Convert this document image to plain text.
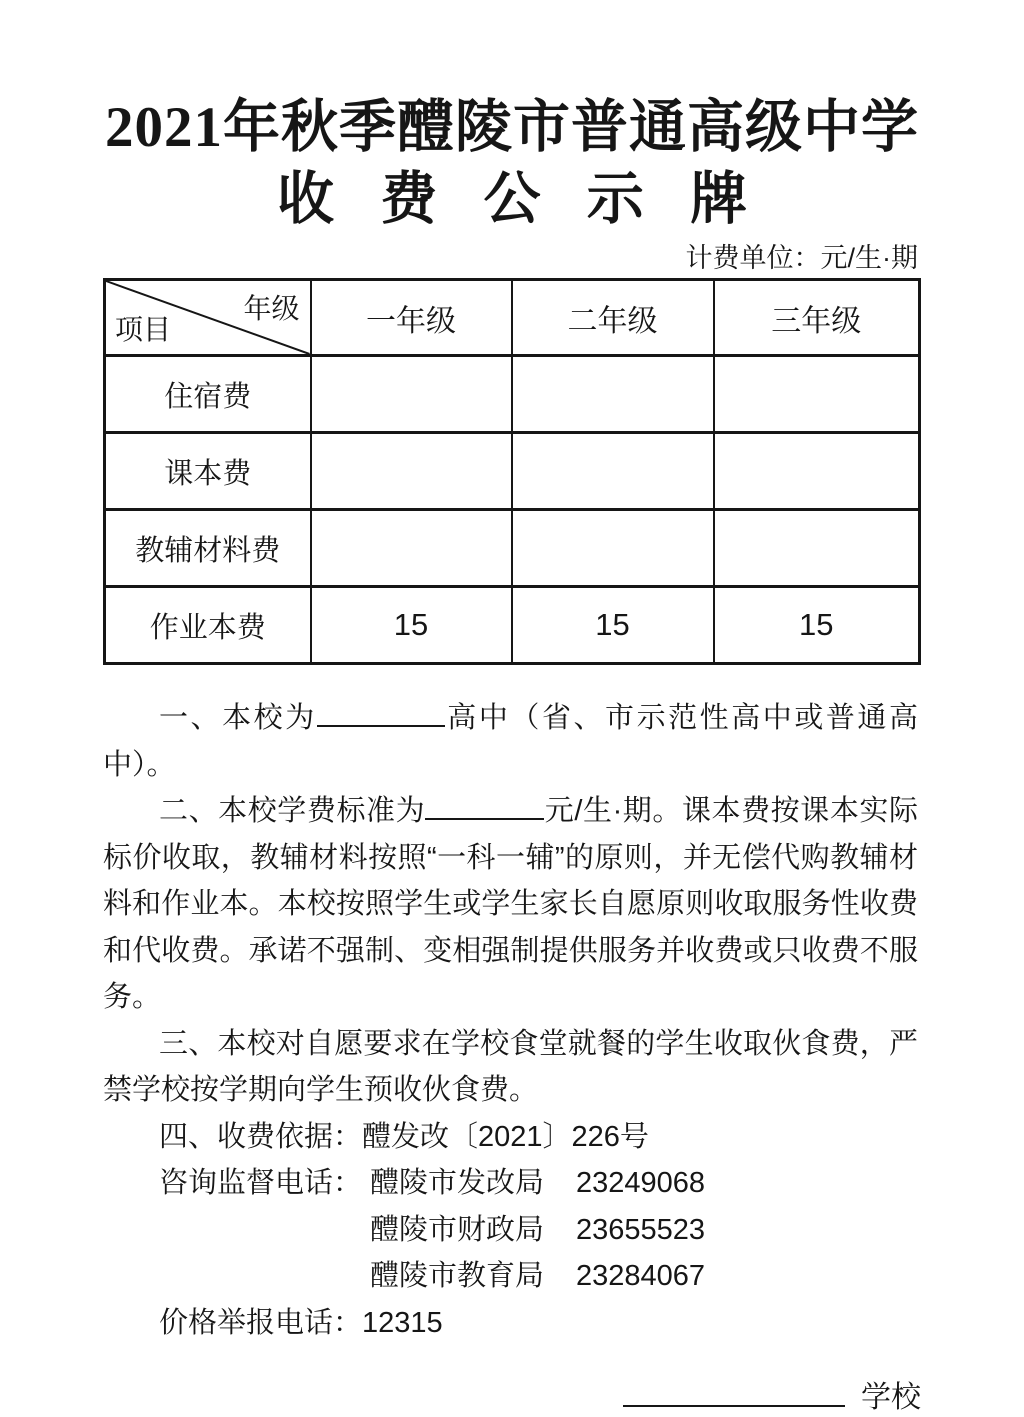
2021年秋季醴陵市普通高级中学
收 费 公 示 牌
计费单位：元/生·期
年级
项目	一年级	二年级	三年级
住宿费			
课本费			
教辅材料费			
作业本费	15	15	15

一、本校为	高中（省、市示范性高中或普通高中）。

二、本校学费标准为	元/生·期。课本费按课本实际标价收取，教辅材料按照“一科一辅”的原则，并无偿代购教辅材料和作业本。本校按照学生或学生家长自愿原则收取服务性收费和代收费。承诺不强制、变相强制提供服务并收费或只收费不服务。

三、本校对自愿要求在学校食堂就餐的学生收取伙食费，严禁学校按学期向学生预收伙食费。

四、收费依据：醴发改〔2021〕226号

咨询监督电话： 醴陵市发改局	23249068
醴陵市财政局	23655523
醴陵市教育局	23284067

价格举报电话：12315

学校
